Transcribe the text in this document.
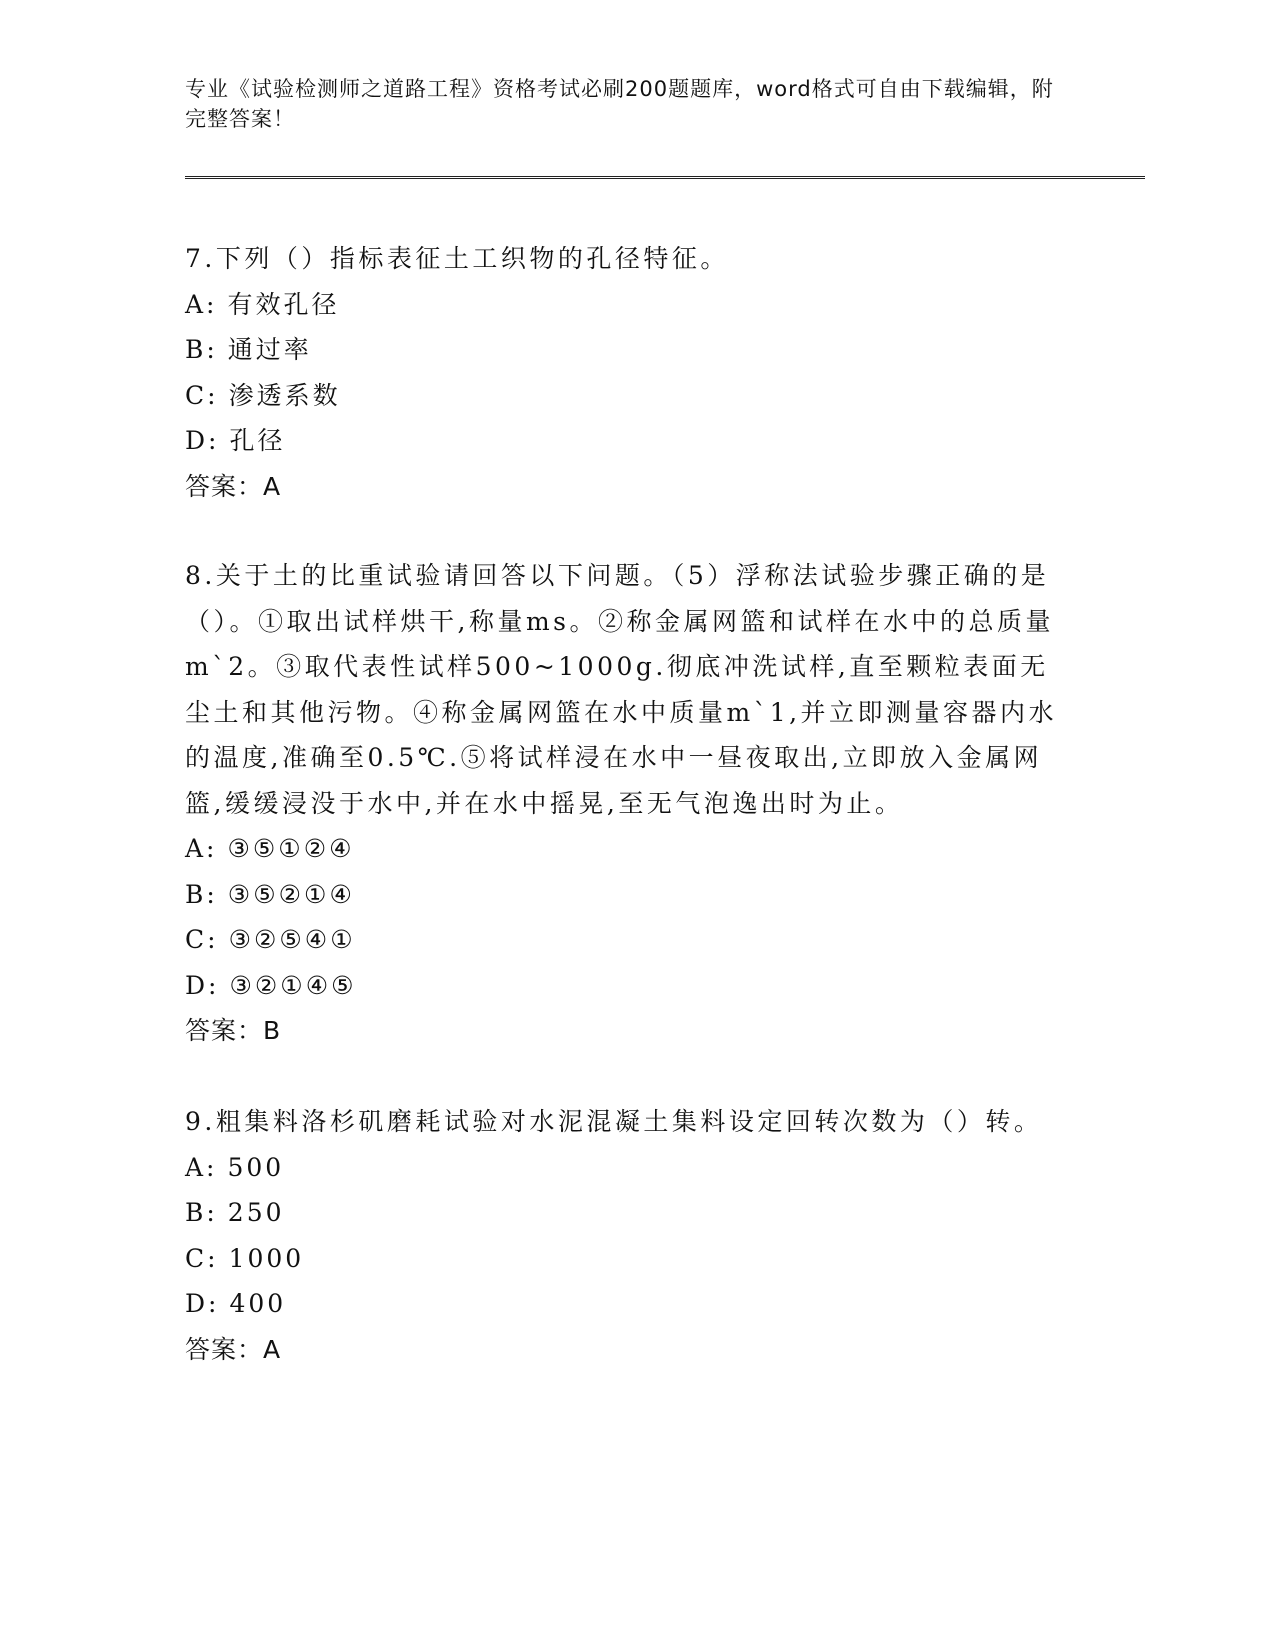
专业《试验检测师之道路工程》资格考试必刷200题题库，word格式可自由下载编辑，附完整答案！

7.下列（）指标表征土工织物的孔径特征。

A: 有效孔径

B: 通过率

C: 渗透系数

D: 孔径

答案：A

8.关于土的比重试验请回答以下问题。（5）浮称法试验步骤正确的是（）。①取出试样烘干,称量ms。②称金属网篮和试样在水中的总质量m`2。③取代表性试样500~1000g.彻底冲洗试样,直至颗粒表面无尘土和其他污物。④称金属网篮在水中质量m`1,并立即测量容器内水的温度,准确至0.5℃.⑤将试样浸在水中一昼夜取出,立即放入金属网篮,缓缓浸没于水中,并在水中摇晃,至无气泡逸出时为止。

A: ③⑤①②④

B: ③⑤②①④

C: ③②⑤④①

D: ③②①④⑤

答案：B

9.粗集料洛杉矶磨耗试验对水泥混凝土集料设定回转次数为（）转。

A: 500

B: 250

C: 1000

D: 400

答案：A
